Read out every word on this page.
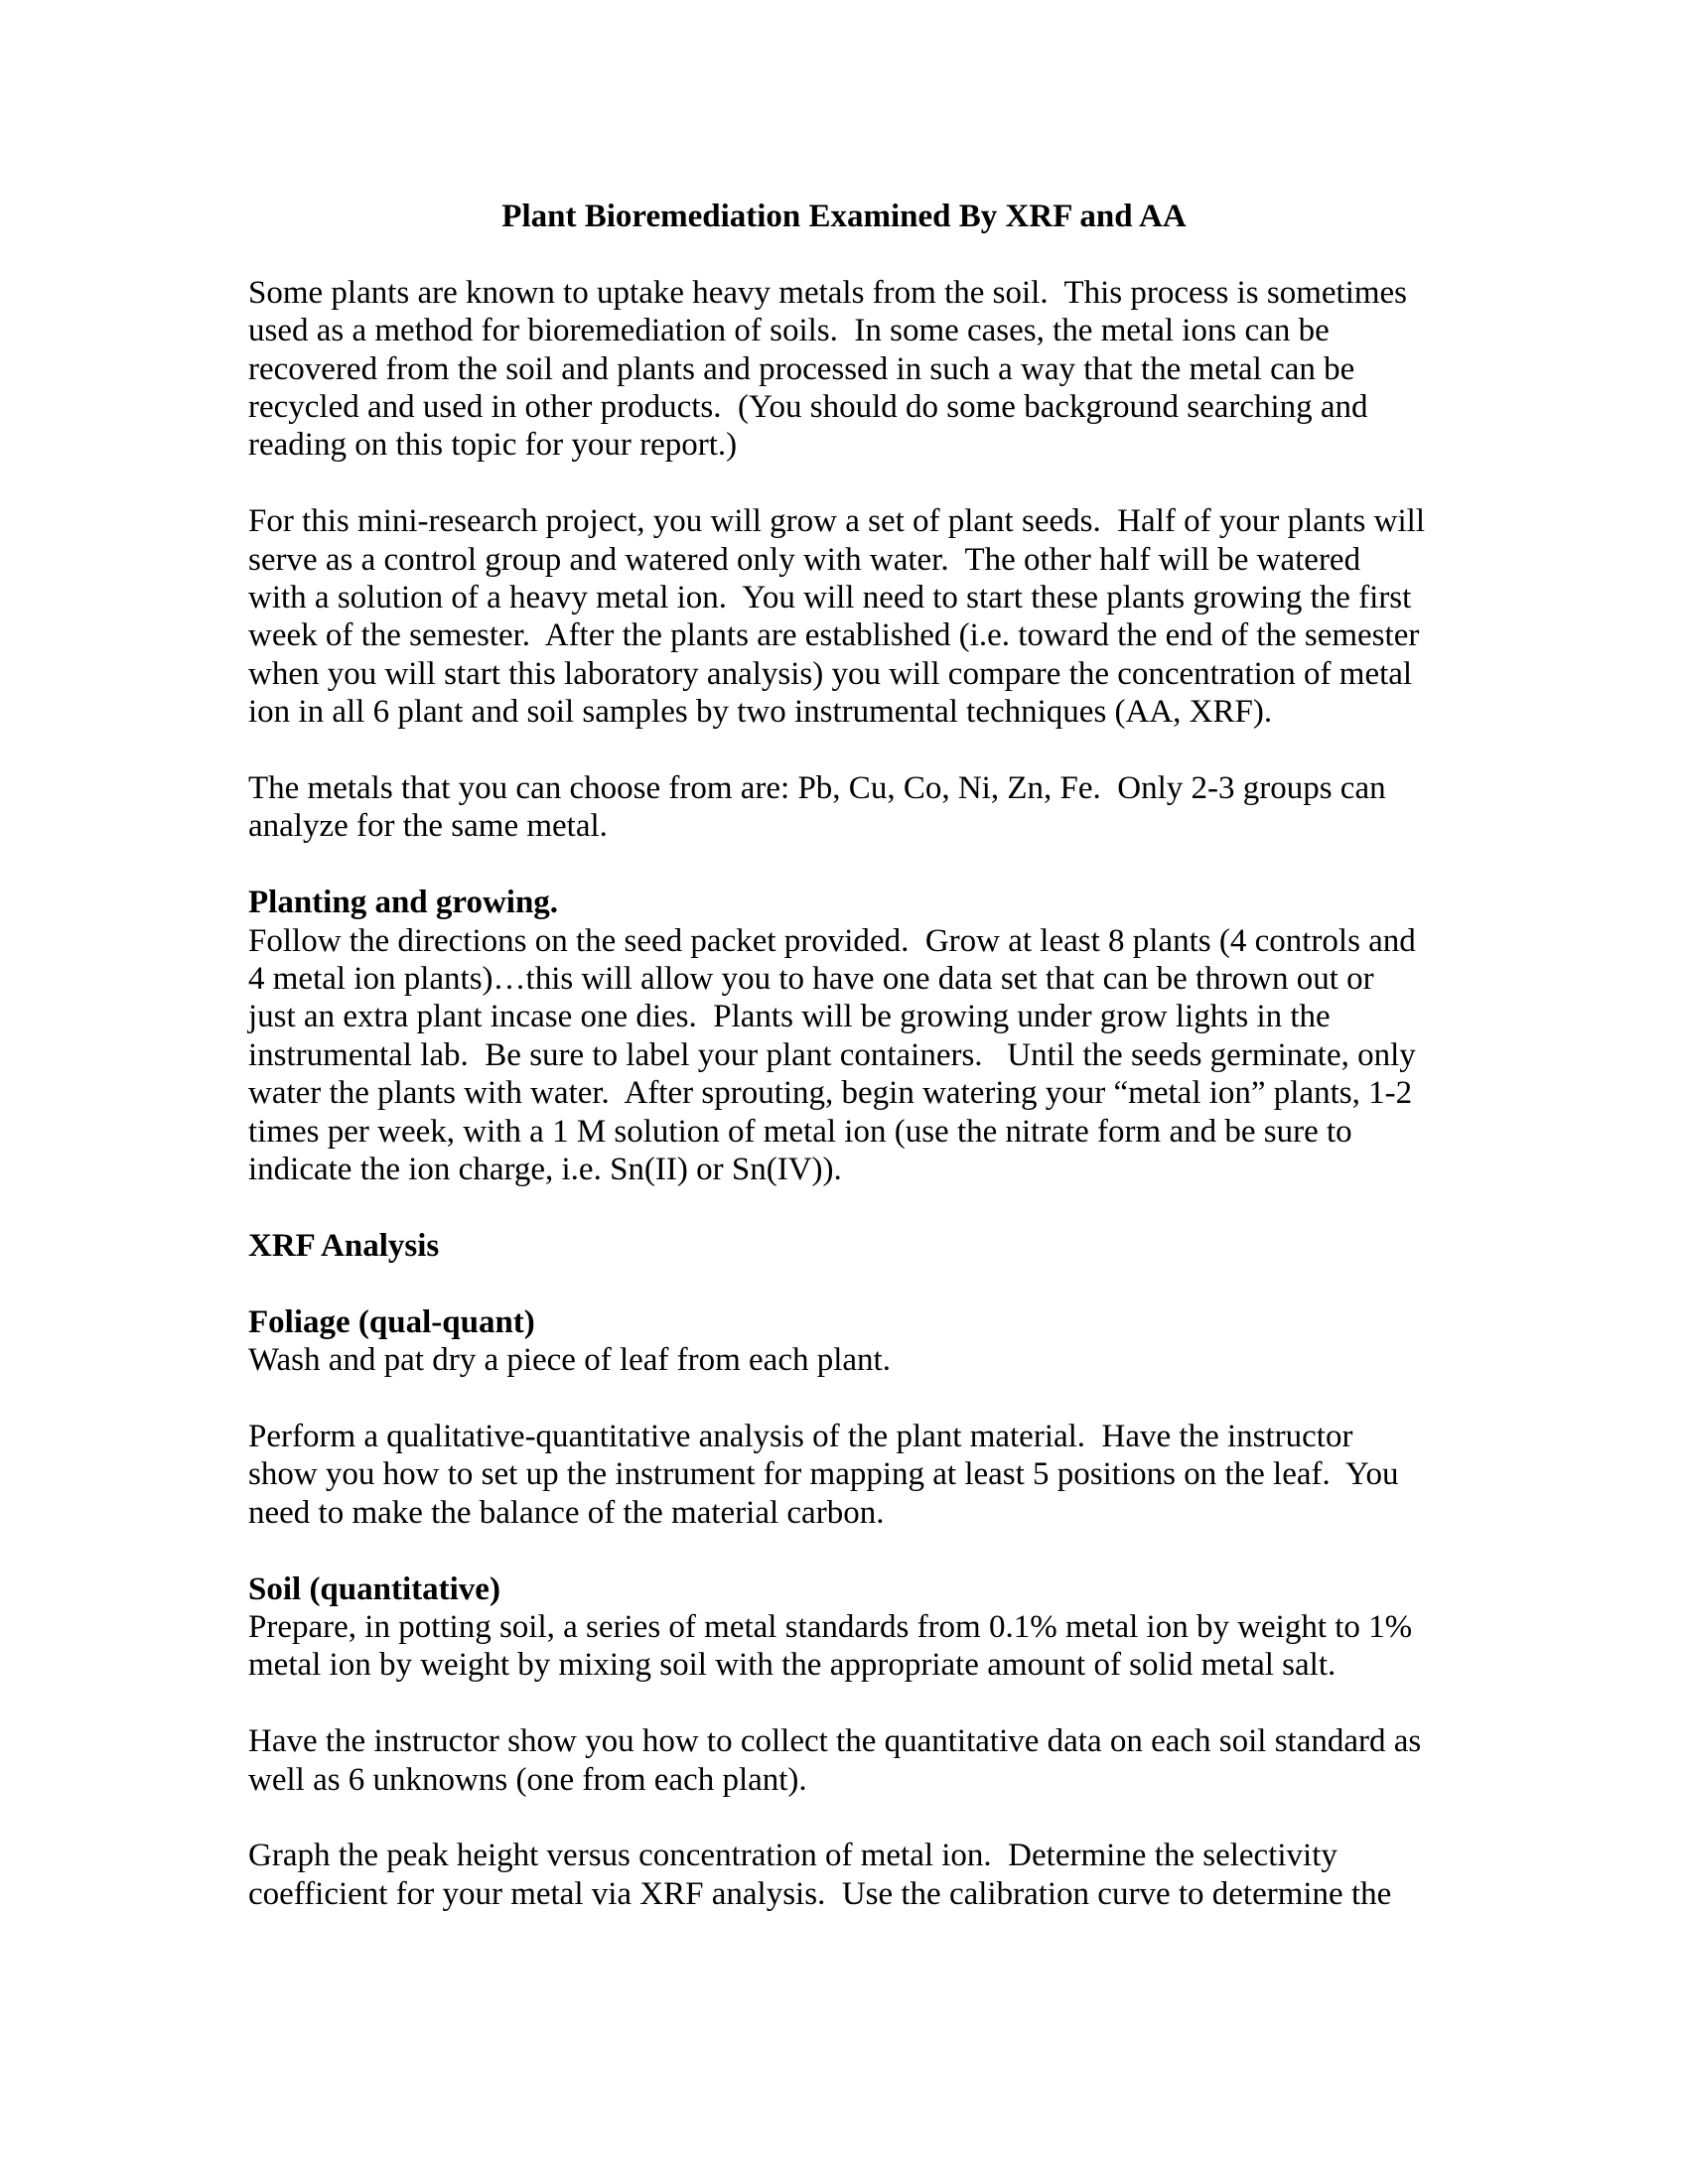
Plant Bioremediation Examined By XRF and AA
Some plants are known to uptake heavy metals from the soil.  This process is sometimes
used as a method for bioremediation of soils.  In some cases, the metal ions can be
recovered from the soil and plants and processed in such a way that the metal can be
recycled and used in other products.  (You should do some background searching and
reading on this topic for your report.)
For this mini-research project, you will grow a set of plant seeds.  Half of your plants will
serve as a control group and watered only with water.  The other half will be watered
with a solution of a heavy metal ion.  You will need to start these plants growing the first
week of the semester.  After the plants are established (i.e. toward the end of the semester
when you will start this laboratory analysis) you will compare the concentration of metal
ion in all 6 plant and soil samples by two instrumental techniques (AA, XRF).
The metals that you can choose from are: Pb, Cu, Co, Ni, Zn, Fe.  Only 2-3 groups can
analyze for the same metal.
Planting and growing.
Follow the directions on the seed packet provided.  Grow at least 8 plants (4 controls and
4 metal ion plants)…this will allow you to have one data set that can be thrown out or
just an extra plant incase one dies.  Plants will be growing under grow lights in the
instrumental lab.  Be sure to label your plant containers.   Until the seeds germinate, only
water the plants with water.  After sprouting, begin watering your “metal ion” plants, 1-2
times per week, with a 1 M solution of metal ion (use the nitrate form and be sure to
indicate the ion charge, i.e. Sn(II) or Sn(IV)).
XRF Analysis
Foliage (qual-quant)
Wash and pat dry a piece of leaf from each plant.
Perform a qualitative-quantitative analysis of the plant material.  Have the instructor
show you how to set up the instrument for mapping at least 5 positions on the leaf.  You
need to make the balance of the material carbon.
Soil (quantitative)
Prepare, in potting soil, a series of metal standards from 0.1% metal ion by weight to 1%
metal ion by weight by mixing soil with the appropriate amount of solid metal salt.
Have the instructor show you how to collect the quantitative data on each soil standard as
well as 6 unknowns (one from each plant).
Graph the peak height versus concentration of metal ion.  Determine the selectivity
coefficient for your metal via XRF analysis.  Use the calibration curve to determine the
